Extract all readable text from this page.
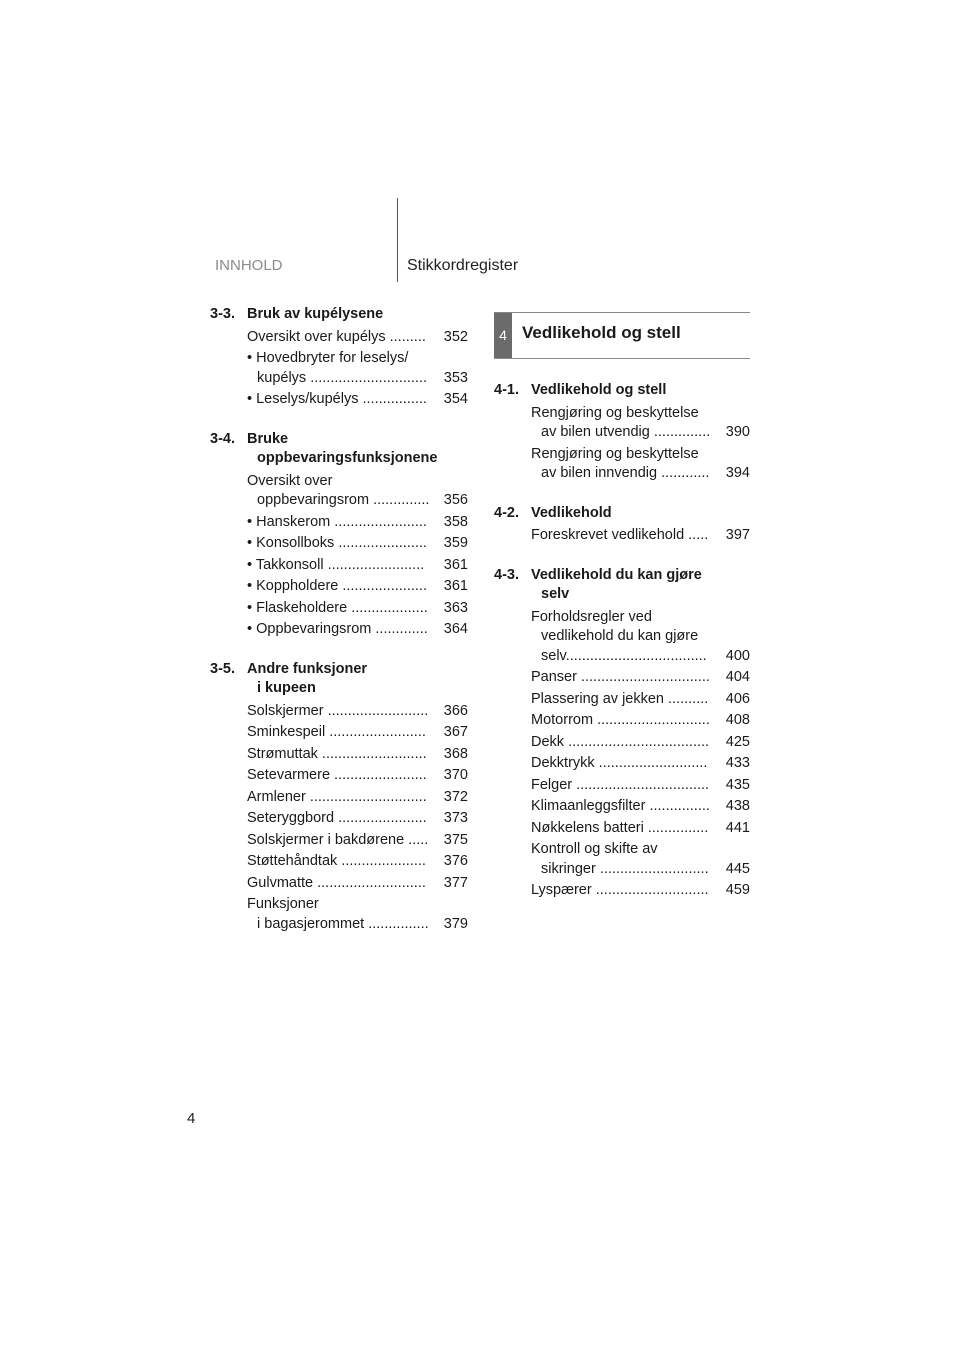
INNHOLD	Stikkordregister
3-3. Bruk av kupélysene
Oversikt over kupélys .........	352
• Hovedbryter for leselys/
kupélys .............................	353
• Leselys/kupélys ................	354
3-4. Bruke
oppbevaringsfunksjonene
Oversikt over
oppbevaringsrom .............. 356
• Hanskerom .......................	358
• Konsollboks ......................	359
• Takkonsoll ........................	361
• Koppholdere .....................	361
• Flaskeholdere ...................	363
• Oppbevaringsrom .............	364
3-5. Andre funksjoner
i kupeen
Solskjermer .........................	366
Sminkespeil ........................	367
Strømuttak ..........................	368
Setevarmere .......................	370
Armlener .............................	372
Seteryggbord ......................	373
Solskjermer i bakdørene .....	375
Støttehåndtak .....................	376
Gulvmatte ...........................	377
Funksjoner
i bagasjerommet ...............	379
4 Vedlikehold og stell
4-1. Vedlikehold og stell
Rengjøring og beskyttelse
av bilen utvendig ..............	390
Rengjøring og beskyttelse
av bilen innvendig ............	394
4-2. Vedlikehold
Foreskrevet vedlikehold .....	397
4-3. Vedlikehold du kan gjøre
selv
Forholdsregler ved
vedlikehold du kan gjøre
selv...................................	400
Panser ................................	404
Plassering av jekken ..........	406
Motorrom ............................	408
Dekk ...................................	425
Dekktrykk ...........................	433
Felger .................................	435
Klimaanleggsfilter ...............	438
Nøkkelens batteri ...............	441
Kontroll og skifte av
sikringer ...........................	445
Lyspærer ............................	459
4
